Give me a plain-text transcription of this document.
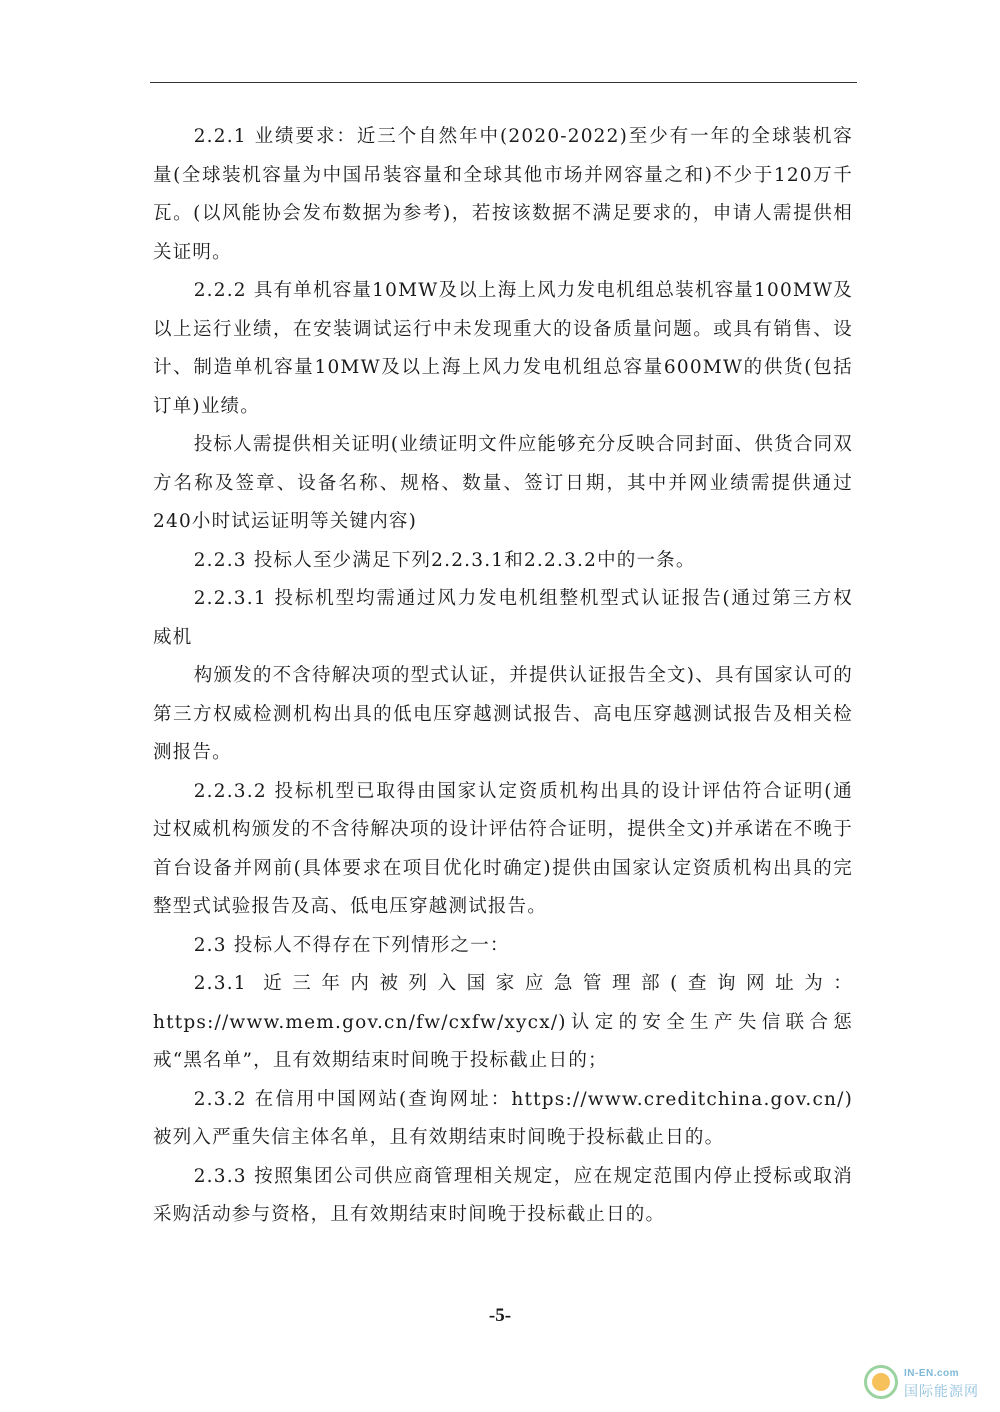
2.2.1 业绩要求：近三个自然年中(2020-2022)至少有一年的全球装机容量(全球装机容量为中国吊装容量和全球其他市场并网容量之和)不少于120万千瓦。(以风能协会发布数据为参考)，若按该数据不满足要求的，申请人需提供相关证明。

2.2.2 具有单机容量10MW及以上海上风力发电机组总装机容量100MW及以上运行业绩，在安装调试运行中未发现重大的设备质量问题。或具有销售、设计、制造单机容量10MW及以上海上风力发电机组总容量600MW的供货(包括订单)业绩。

投标人需提供相关证明(业绩证明文件应能够充分反映合同封面、供货合同双方名称及签章、设备名称、规格、数量、签订日期，其中并网业绩需提供通过240小时试运证明等关键内容)

2.2.3 投标人至少满足下列2.2.3.1和2.2.3.2中的一条。

2.2.3.1 投标机型均需通过风力发电机组整机型式认证报告(通过第三方权威机

构颁发的不含待解决项的型式认证，并提供认证报告全文)、具有国家认可的第三方权威检测机构出具的低电压穿越测试报告、高电压穿越测试报告及相关检测报告。

2.2.3.2 投标机型已取得由国家认定资质机构出具的设计评估符合证明(通过权威机构颁发的不含待解决项的设计评估符合证明，提供全文)并承诺在不晚于首台设备并网前(具体要求在项目优化时确定)提供由国家认定资质机构出具的完整型式试验报告及高、低电压穿越测试报告。

2.3 投标人不得存在下列情形之一：

2.3.1 近三年内被列入国家应急管理部(查询网址为：https://www.mem.gov.cn/fw/cxfw/xycx/)认定的安全生产失信联合惩戒“黑名单”，且有效期结束时间晚于投标截止日的；

2.3.2 在信用中国网站(查询网址：https://www.creditchina.gov.cn/)被列入严重失信主体名单，且有效期结束时间晚于投标截止日的。

2.3.3 按照集团公司供应商管理相关规定，应在规定范围内停止授标或取消采购活动参与资格，且有效期结束时间晚于投标截止日的。

-5-
IN-EN.com
国际能源网
